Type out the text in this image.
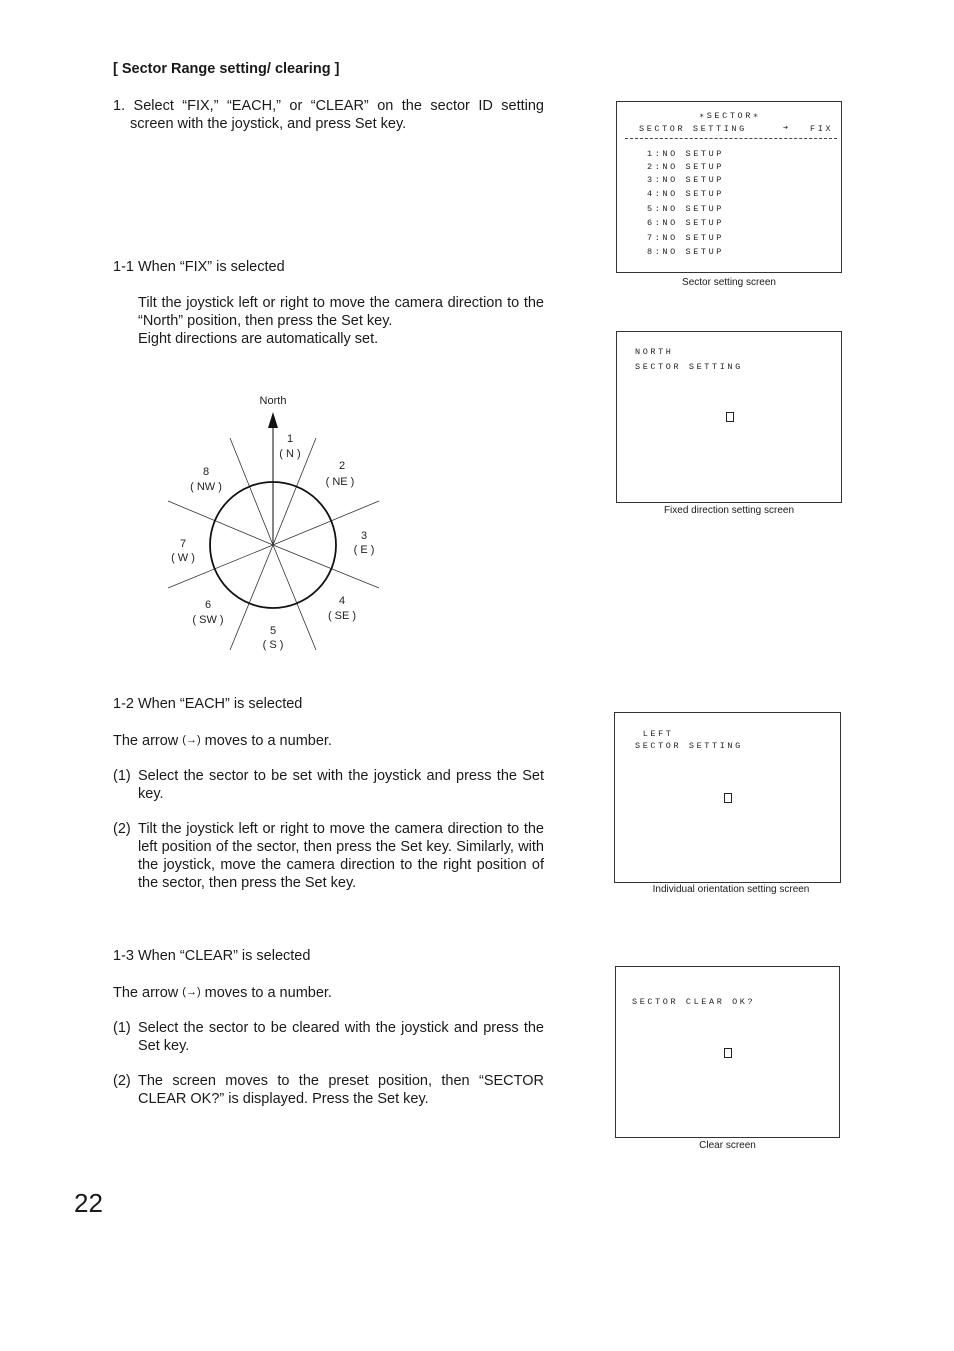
[ Sector Range setting/ clearing ]
1. Select “FIX,” “EACH,” or “CLEAR” on the sector ID setting screen with the joystick, and press Set key.
1-1 When “FIX” is selected
Tilt the joystick left or right to move the camera direction to the “North” position, then press the Set key.
Eight directions are automatically set.
North
1
( N )
2
( NE )
3
( E )
4
( SE )
5
( S )
6
( SW )
7
( W )
8
( NW )
1-2 When “EACH” is selected
The arrow (→) moves to a number.
(1) Select the sector to be set with the joystick and press the Set key.
(2) Tilt the joystick left or right to move the camera direction to the left position of the sector, then press the Set key. Similarly, with the joystick, move the camera direction to the right position of the sector, then press the Set key.
1-3 When “CLEAR” is selected
The arrow (→) moves to a number.
(1) Select the sector to be cleared with the joystick and press the Set key.
(2) The screen moves to the preset position, then “SECTOR CLEAR OK?” is displayed. Press the Set key.
∗SECTOR∗
SECTOR SETTING	➔	FIX
1:NO SETUP
2:NO SETUP
3:NO SETUP
4:NO SETUP
5:NO SETUP
6:NO SETUP
7:NO SETUP
8:NO SETUP
Sector setting screen
NORTH
SECTOR SETTING
Fixed direction setting screen
LEFT
SECTOR SETTING
Individual orientation setting screen
SECTOR CLEAR OK?
Clear screen
22
